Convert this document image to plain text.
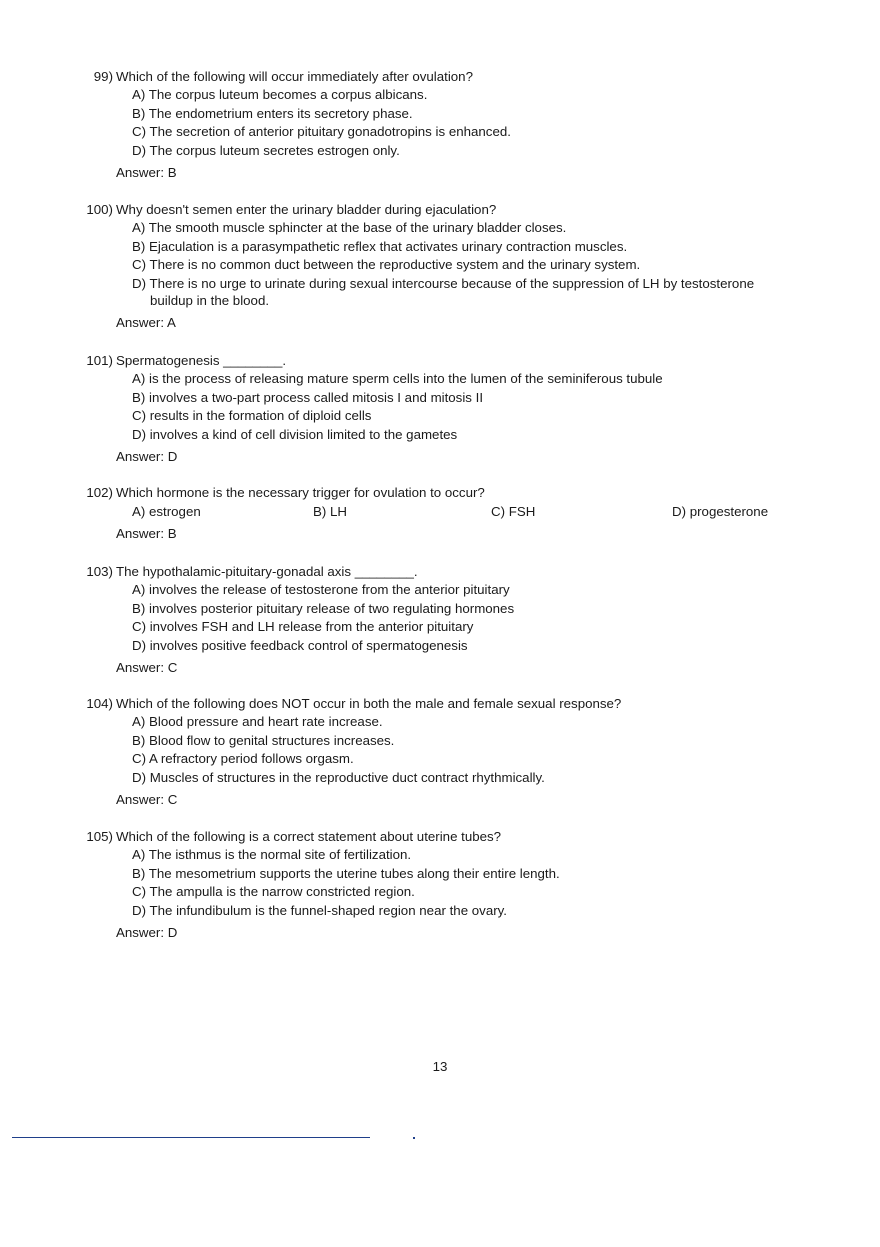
99) Which of the following will occur immediately after ovulation?
A) The corpus luteum becomes a corpus albicans.
B) The endometrium enters its secretory phase.
C) The secretion of anterior pituitary gonadotropins is enhanced.
D) The corpus luteum secretes estrogen only.
Answer: B
100) Why doesn't semen enter the urinary bladder during ejaculation?
A) The smooth muscle sphincter at the base of the urinary bladder closes.
B) Ejaculation is a parasympathetic reflex that activates urinary contraction muscles.
C) There is no common duct between the reproductive system and the urinary system.
D) There is no urge to urinate during sexual intercourse because of the suppression of LH by testosterone buildup in the blood.
Answer: A
101) Spermatogenesis ________.
A) is the process of releasing mature sperm cells into the lumen of the seminiferous tubule
B) involves a two-part process called mitosis I and mitosis II
C) results in the formation of diploid cells
D) involves a kind of cell division limited to the gametes
Answer: D
102) Which hormone is the necessary trigger for ovulation to occur?
A) estrogen	B) LH	C) FSH	D) progesterone
Answer: B
103) The hypothalamic-pituitary-gonadal axis ________.
A) involves the release of testosterone from the anterior pituitary
B) involves posterior pituitary release of two regulating hormones
C) involves FSH and LH release from the anterior pituitary
D) involves positive feedback control of spermatogenesis
Answer: C
104) Which of the following does NOT occur in both the male and female sexual response?
A) Blood pressure and heart rate increase.
B) Blood flow to genital structures increases.
C) A refractory period follows orgasm.
D) Muscles of structures in the reproductive duct contract rhythmically.
Answer: C
105) Which of the following is a correct statement about uterine tubes?
A) The isthmus is the normal site of fertilization.
B) The mesometrium supports the uterine tubes along their entire length.
C) The ampulla is the narrow constricted region.
D) The infundibulum is the funnel-shaped region near the ovary.
Answer: D
13
